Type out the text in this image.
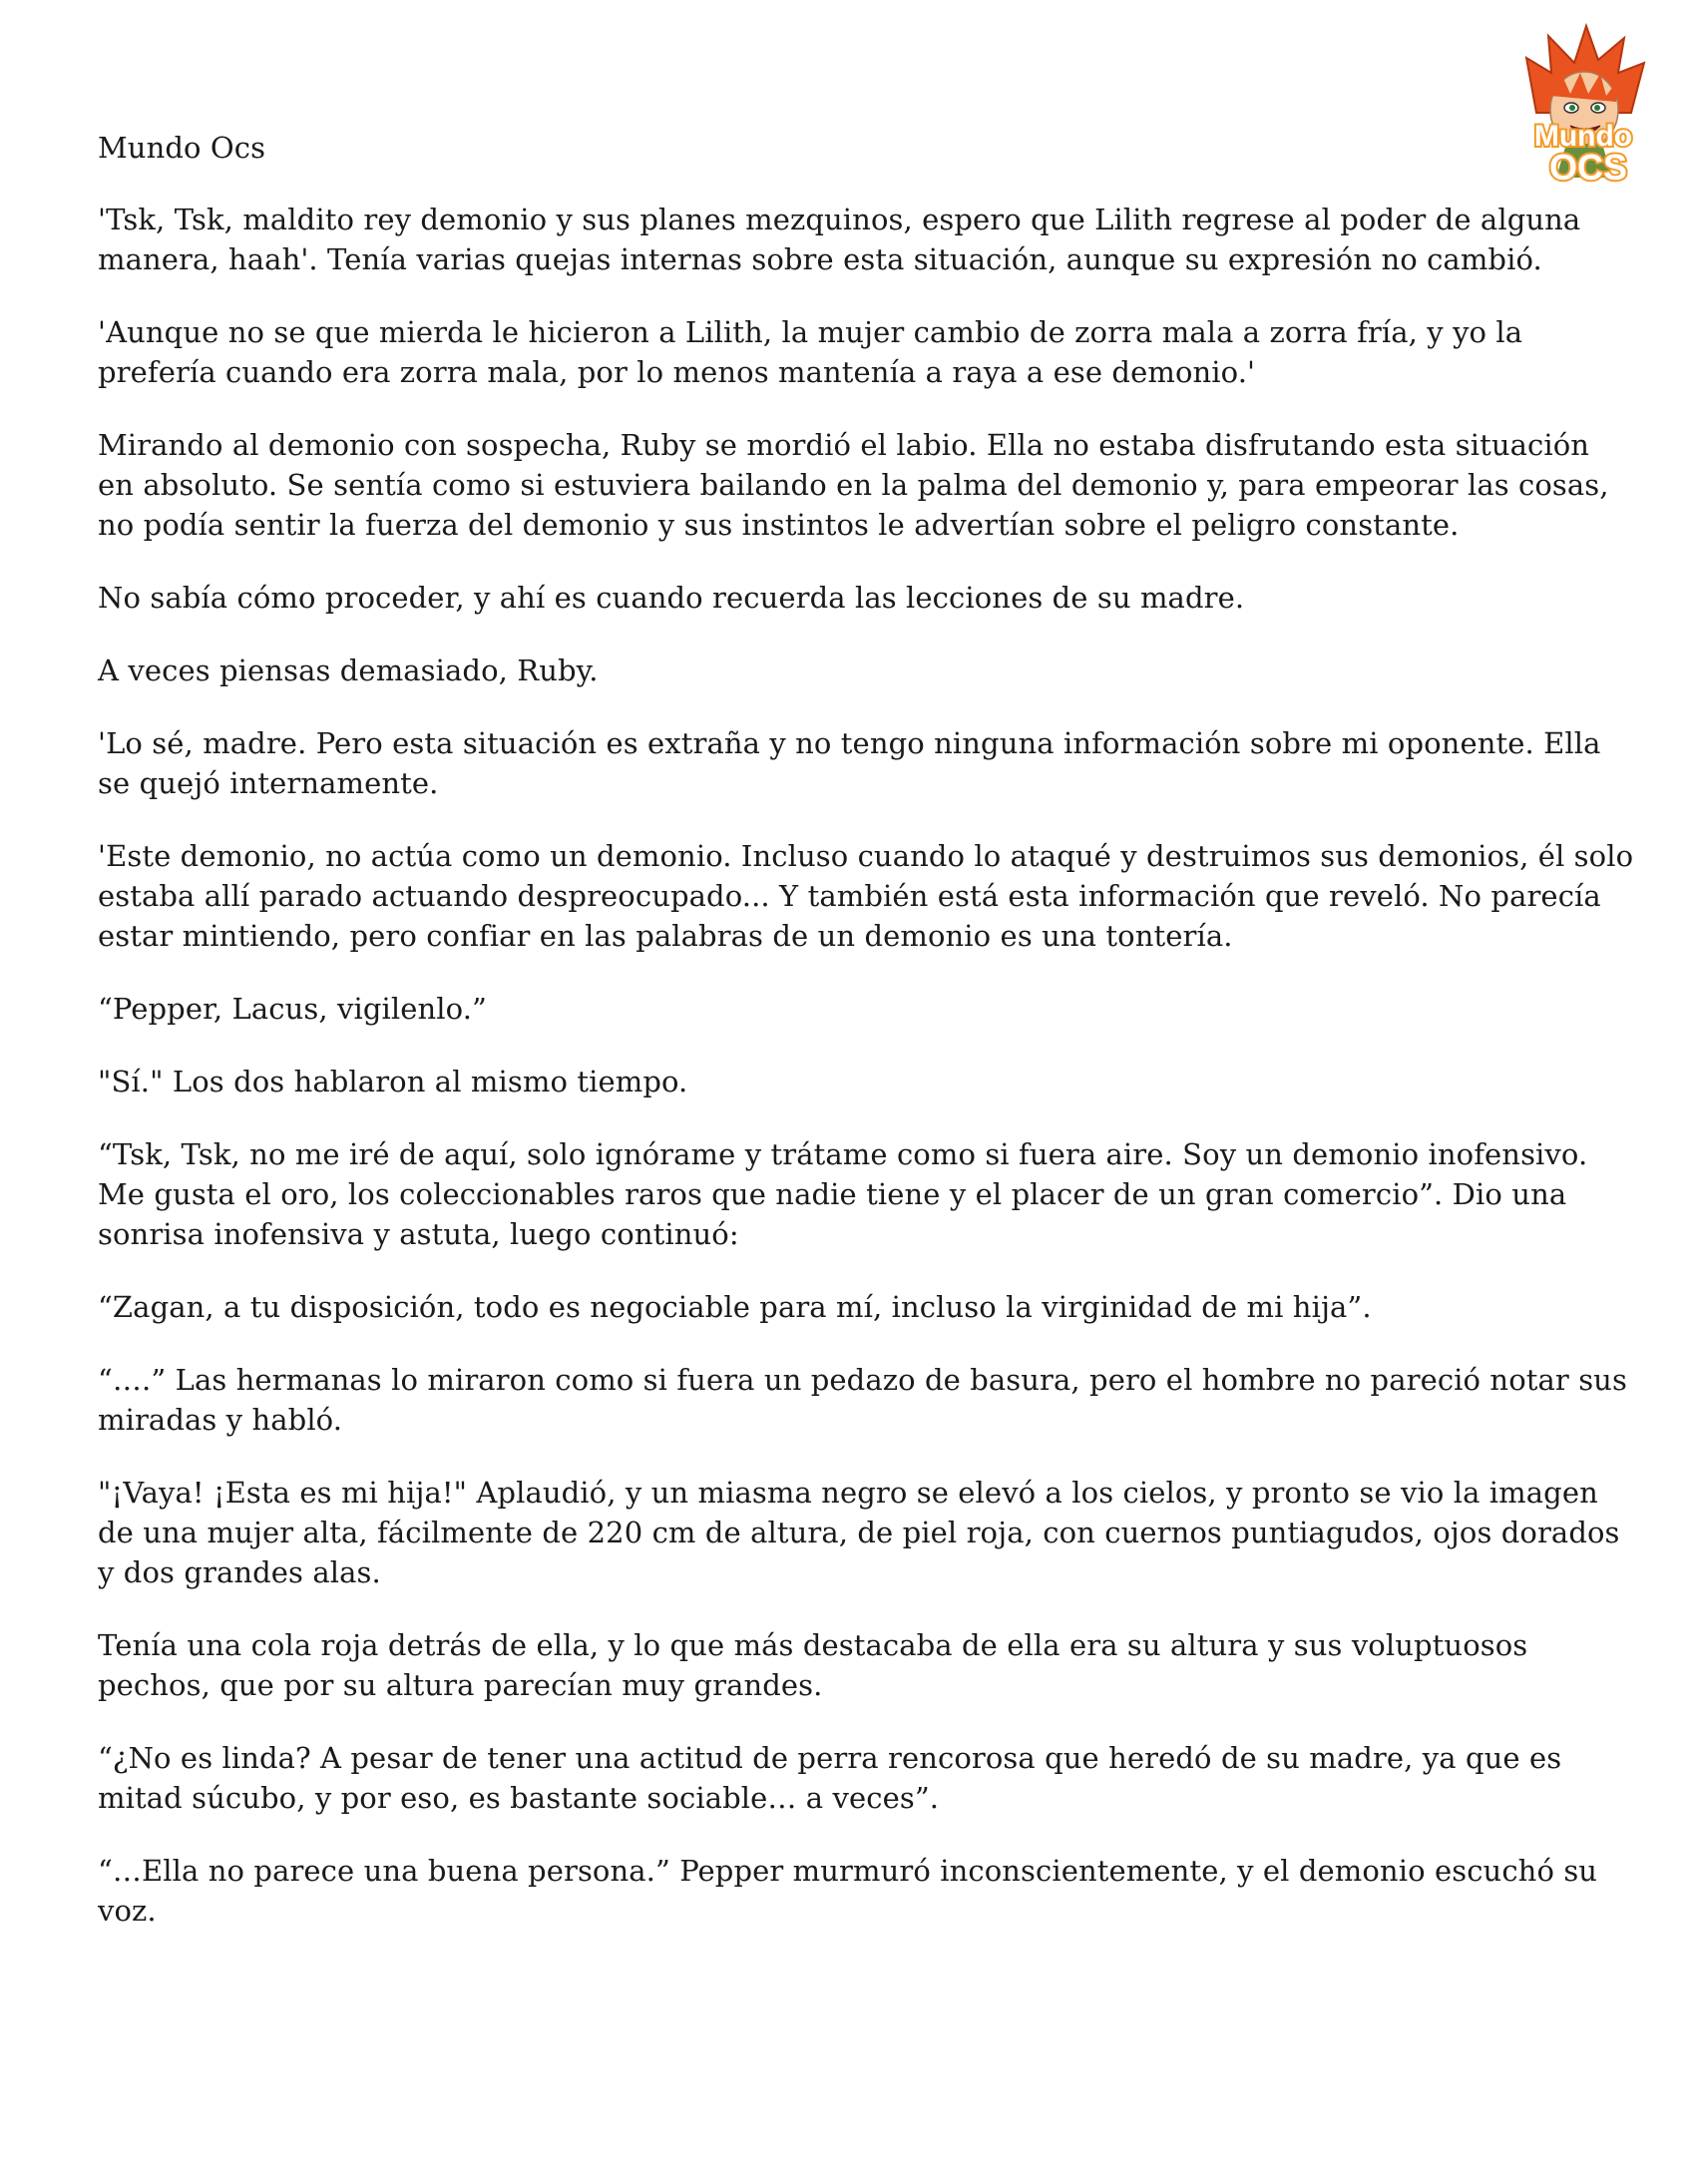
Mundo
OCS
Mundo Ocs

'Tsk, Tsk, maldito rey demonio y sus planes mezquinos, espero que Lilith regrese al poder de alguna manera, haah'. Tenía varias quejas internas sobre esta situación, aunque su expresión no cambió.

'Aunque no se que mierda le hicieron a Lilith, la mujer cambio de zorra mala a zorra fría, y yo la prefería cuando era zorra mala, por lo menos mantenía a raya a ese demonio.'

Mirando al demonio con sospecha, Ruby se mordió el labio. Ella no estaba disfrutando esta situación en absoluto. Se sentía como si estuviera bailando en la palma del demonio y, para empeorar las cosas, no podía sentir la fuerza del demonio y sus instintos le advertían sobre el peligro constante.

No sabía cómo proceder, y ahí es cuando recuerda las lecciones de su madre.

A veces piensas demasiado, Ruby.

'Lo sé, madre. Pero esta situación es extraña y no tengo ninguna información sobre mi oponente. Ella se quejó internamente.

'Este demonio, no actúa como un demonio. Incluso cuando lo ataqué y destruimos sus demonios, él solo estaba allí parado actuando despreocupado... Y también está esta información que reveló. No parecía estar mintiendo, pero confiar en las palabras de un demonio es una tontería.

“Pepper, Lacus, vigilenlo.”

"Sí." Los dos hablaron al mismo tiempo.

“Tsk, Tsk, no me iré de aquí, solo ignórame y trátame como si fuera aire. Soy un demonio inofensivo. Me gusta el oro, los coleccionables raros que nadie tiene y el placer de un gran comercio”. Dio una sonrisa inofensiva y astuta, luego continuó:

“Zagan, a tu disposición, todo es negociable para mí, incluso la virginidad de mi hija”.

“….” Las hermanas lo miraron como si fuera un pedazo de basura, pero el hombre no pareció notar sus miradas y habló.

"¡Vaya! ¡Esta es mi hija!" Aplaudió, y un miasma negro se elevó a los cielos, y pronto se vio la imagen de una mujer alta, fácilmente de 220 cm de altura, de piel roja, con cuernos puntiagudos, ojos dorados y dos grandes alas.

Tenía una cola roja detrás de ella, y lo que más destacaba de ella era su altura y sus voluptuosos pechos, que por su altura parecían muy grandes.

“¿No es linda? A pesar de tener una actitud de perra rencorosa que heredó de su madre, ya que es mitad súcubo, y por eso, es bastante sociable… a veces”.

“…Ella no parece una buena persona.” Pepper murmuró inconscientemente, y el demonio escuchó su voz.
